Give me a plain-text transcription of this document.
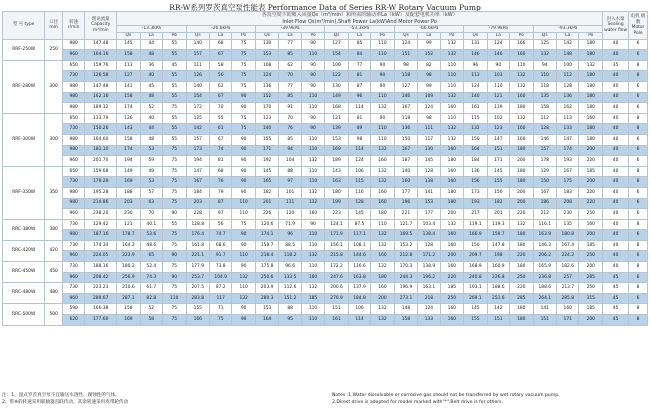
RR-W系列罗茨真空泵性能表 Performance Data of Series RR-W Rotary Vacuum Pump
型 号 type	口径 mm	转速 r/min	理论流量 Capacity m³/min	各真空度下的吸入风量Qs（m³/min）和所需的轴动率La（kW）及配套电机功率（kW）
Inlet Flow Qs(m³/min),Shaft Power La(kW)And Motor Power Po																					封入水量 Sealing water flow	电机 极数 Motor Pole
				-13.3kPa			-26.6kPa			-39.9kPa			-53.3kPa			-66.6kPa			-79.9kPa			-93.3kPa				
				Qs	La	Po	Qs	La	Po	Qs	La	Po	Qs	La	Po	Qs	La	Po	Qs	La	Po	Qs	La	Po		
RRF-250W	250	980	147.48	145	44	55	140	68	75	130	77	90	127	85	110	124	99	132	131	124	166	125	142	180	40	6
		960	164.16	158	48	55	157	67	75	153	85	110	154	84	110	151	152	132	146	146	160	132	148	180	40	6
RRF-280W	300	650	159.76	113	36	45	111	58	75	108	62	90	100	77	90	98	82	110	96	90	110	94	100	132	35	8
		730	126.58	127	40	55	126	56	75	124	70	90	122	81	90	118	98	110	113	103	132	110	112	180	40	8
		980	147.48	141	45	55	140	62	75	136	77	90	130	87	90	127	99	110	124	110	132	118	128	180	40	6
		980	162.16	158	48	55	154	67	90	152	85	110	149	96	110	146	109	132	140	121	160	135	136	180	40	6
		980	189.32	174	52	75	172	70	90	170	91	110	168	114	132	167	124	160	161	139	180	158	162	180	40	6
RRF-300W	300	650	133.79	126	40	55	125	55	75	123	70	90	121	81	90	118	98	110	115	102	132	112	113	160	40	8
		730	150.26	143	44	55	142	61	75	140	76	90	139	89	110	136	111	132	132	123	160	128	133	180	40	8
		980	164.60	158	48	55	157	67	90	155	85	110	153	98	110	150	117	132	150	147	160	146	147	180	40	6
		980	181.10	174	53	75	173	74	90	171	94	110	169	114	132	167	130	160	164	151	180	157	174	200	40	6
		960	201.70	194	59	75	194	81	90	192	104	132	189	124	160	187	145	180	184	171	200	178	193	220	40	6
RRF-350W	350	650	159.68	149	49	75	147	68	90	145	88	110	143	106	132	140	128	160	136	145	180	129	167	185	40	8
		730	179.29	169	53	75	167	76	90	165	97	110	163	115	132	160	138	160	156	155	180	150	175	200	40	8
		980	195.28	188	57	75	184	79	90	182	101	132	180	116	160	177	141	180	173	156	200	167	183	220	40	6
		980	214.86	203	63	75	203	87	110	201	111	132	199	128	160	196	153	180	193	182	200	186	208	220	40	6
		960	238.20	230	70	90	228	97	110	226	120	160	223	145	180	221	177	200	217	201	220	212	230	250	40	6
RRC-380W	380	730	129.42	121	40.1	55	128.8	56	75	120.6	71.9	90	124.1	87.5	110	121.7	103.4	132	119.1	119.3	132	116.1	135	160	40	8
		980	187.16	178.7	53.6	75	176.4	74.7	90	174.1	96	110	171.9	117.1	132	169.5	138.4	160	166.9	159.7	180	163.9	180.8	200	40	6
RRC-420W	420	730	174.34	164.2	48.6	75	161.8	68.6	90	158.7	88.5	110	156.1	108.1	132	153.2	128	160	150	147.8	180	146.3	167.4	185	40	8
		960	224.05	223.9	65	90	221.1	91.7	110	218.4	118.2	132	215.8	144.6	160	212.8	171.2	200	209.7	198	220	206.2	224.2	250	40	6
RRC-450W	450	730	188.16	180.2	52.4	75	177.9	73.8	90	175.8	96.6	110	172.2	116.6	132	170.3	138.9	160	168.9	160.9	180	165.9	182.6	200	40	8
		960	208.42	256.9	74.3	90	253.7	104.9	132	250.6	133.5	160	247.6	163.8	180	244.3	196.2	220	240.8	226.8	250	236.8	257	285	45	6
RRC-480W	480	730	223.23	210.6	61.7	75	207.5	87.2	110	203.9	112.6	132	200.6	137.9	160	196.9	163.1	185	193.1	188.6	220	188.6	213.7	250	45	8
		960	289.67	287.1	82.8	110	283.8	117	132	280.3	151.2	185	276.9	184.8	200	273.1	218	250	269.1	251.6	285	264.1	285.8	315	45	6
RRC-500W	500	590	166.38	158	52	75	155	71	90	153	88	110	151	106	132	148	124	160	145	142	180	141	160	185	45	8
		620	177.60	169	58	75	166	75	90	164	95	110	161	114	132	158	133	160	155	151	180	151	171	200	45	8
注：1、湿式罗茨真空泵不宜输送水溶性、腐蚀性的气体。
2、带※的转速采用联轴器直联传动，其余转速采用皮带轮传动
Notes :1.Water dissolvable or corrosive gas should not be transferred by wet rotary vacuum pump.
2.Direct drive is adopted for model marked with"*",Belt drive is for others.
